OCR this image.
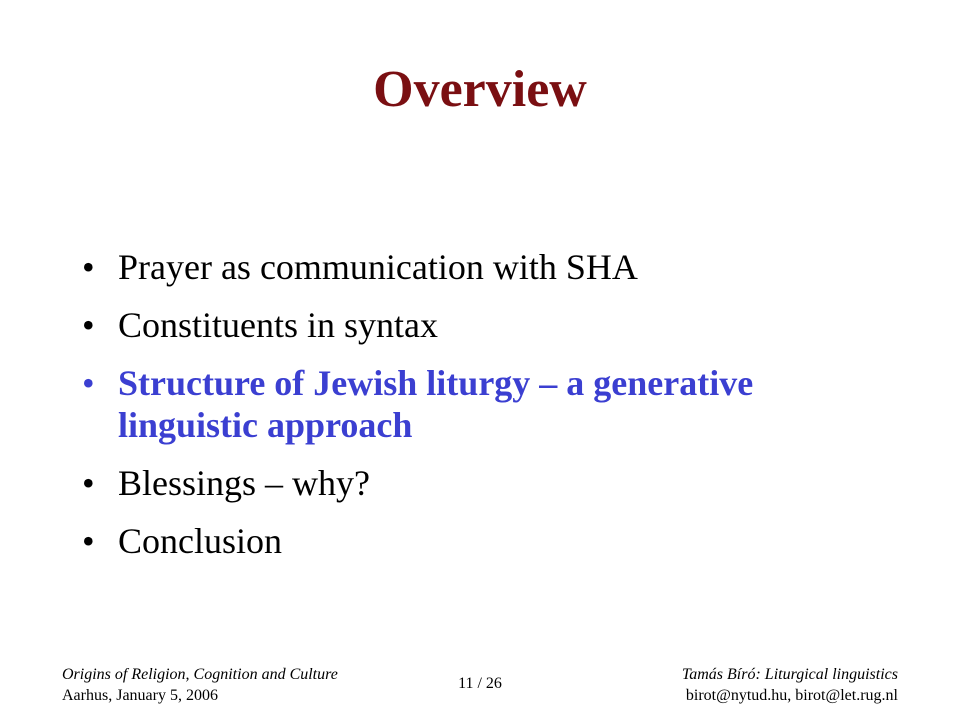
Overview
• Prayer as communication with SHA
• Constituents in syntax
• Structure of Jewish liturgy – a generative linguistic approach
• Blessings – why?
• Conclusion
Origins of Religion, Cognition and Culture
Aarhus, January 5, 2006
11 / 26
Tamás Bíró: Liturgical linguistics
birot@nytud.hu, birot@let.rug.nl
